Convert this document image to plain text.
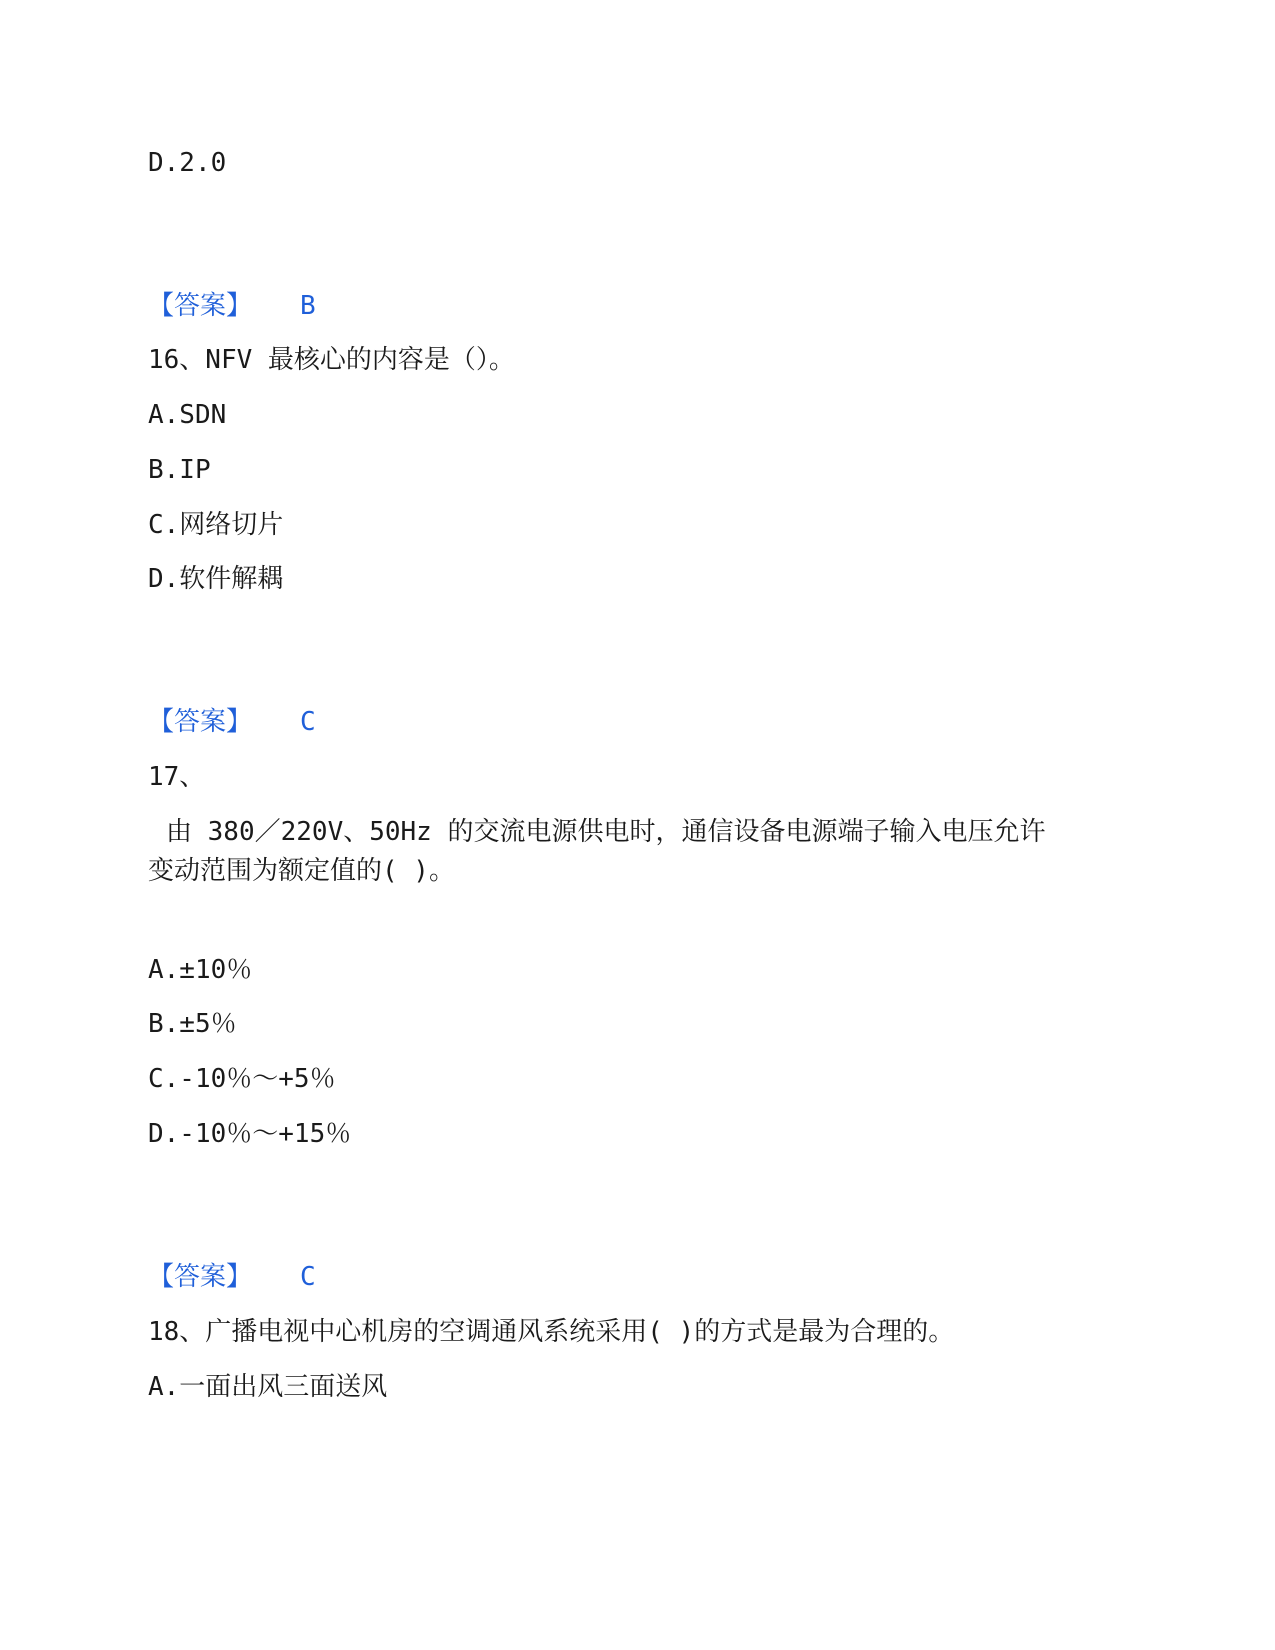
D.2.0
【答案】 B
16、NFV 最核心的内容是（）。
A.SDN
B.IP
C.网络切片
D.软件解耦
【答案】 C
17、
由 380／220V、50Hz 的交流电源供电时，通信设备电源端子输入电压允许
变动范围为额定值的( )。
A.±10％
B.±5％
C.-10％～+5％
D.-10％～+15％
【答案】 C
18、广播电视中心机房的空调通风系统采用( )的方式是最为合理的。
A.一面出风三面送风
